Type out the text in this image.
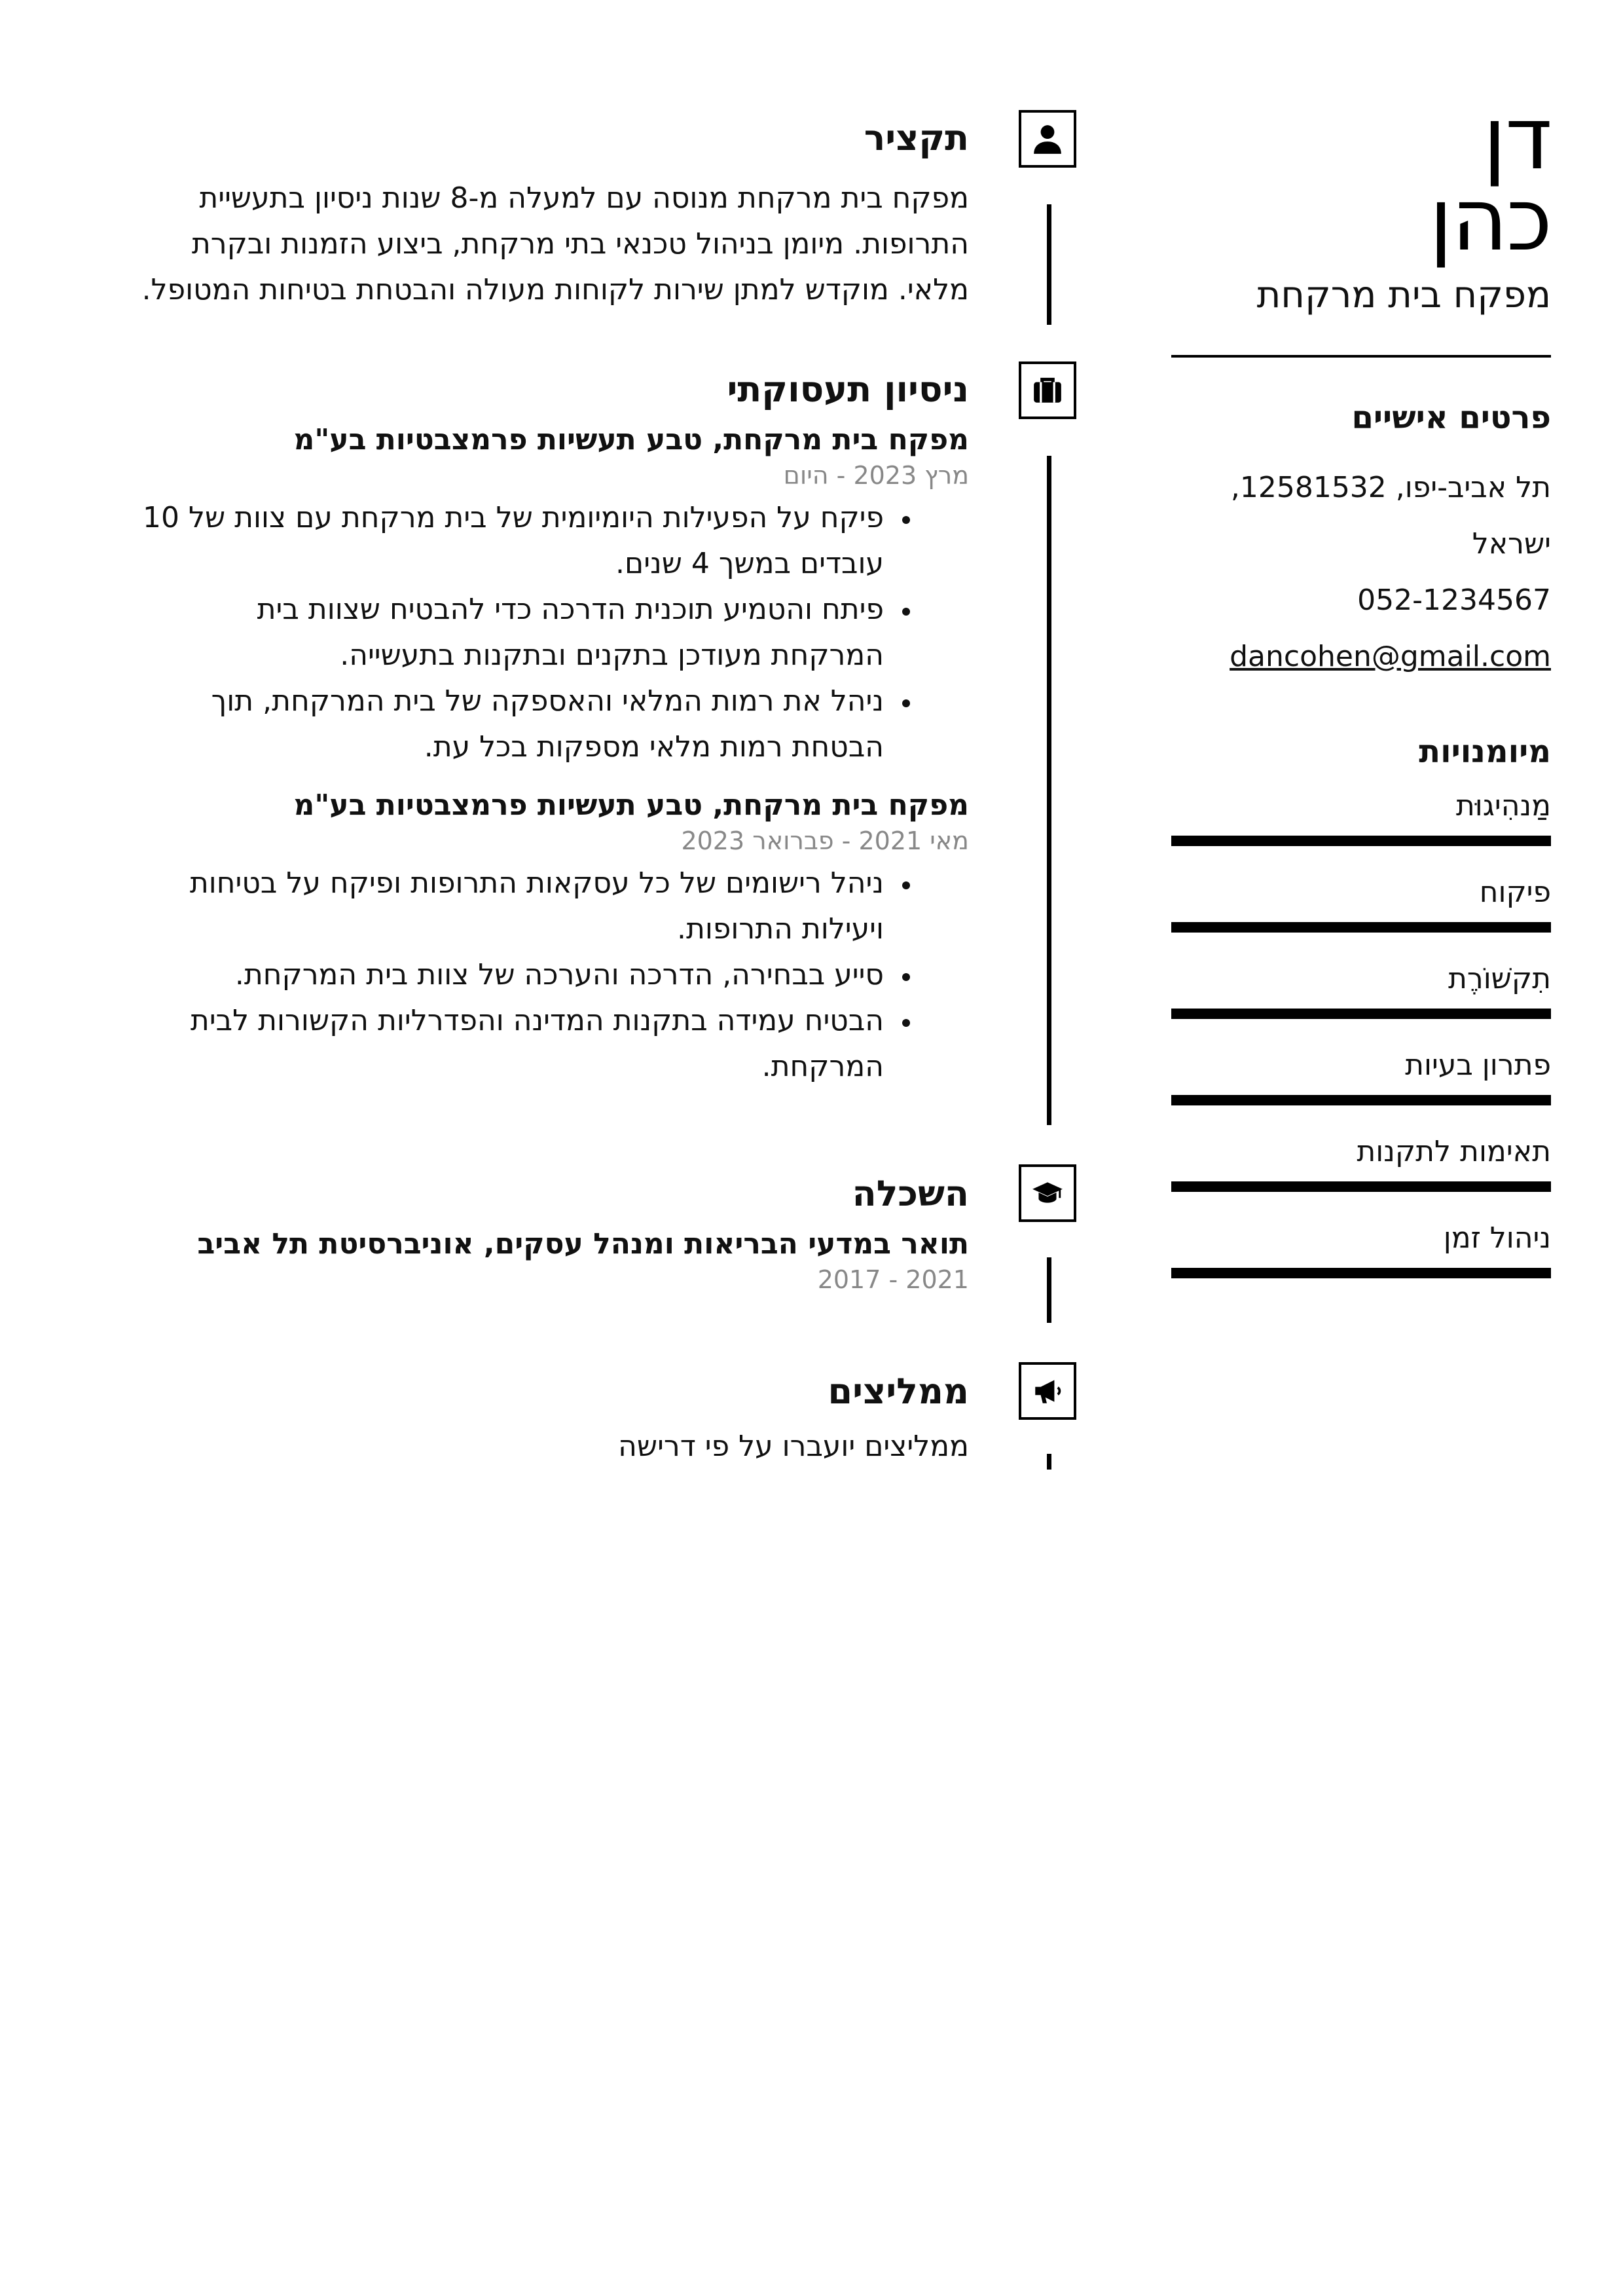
דן
כהן
מפקח בית מרקחת
פרטים אישיים
תל אביב-יפו, 12581532, ישראל
052-1234567
dancohen@gmail.com
מיומנויות
מַנהִיגוּת
פיקוח
תִקשׁוֹרֶת
פתרון בעיות
תאימות לתקנות
ניהול זמן
תקציר
מפקח בית מרקחת מנוסה עם למעלה מ-8 שנות ניסיון בתעשיית התרופות. מיומן בניהול טכנאי בתי מרקחת, ביצוע הזמנות ובקרת מלאי. מוקדש למתן שירות לקוחות מעולה והבטחת בטיחות המטופל.
ניסיון תעסוקתי
מפקח בית מרקחת, טבע תעשיות פרמצבטיות בע"מ
מרץ 2023 - היום
• פיקח על הפעילות היומיומית של בית מרקחת עם צוות של 10 עובדים במשך 4 שנים.
• פיתח והטמיע תוכנית הדרכה כדי להבטיח שצוות בית המרקחת מעודכן בתקנים ובתקנות בתעשייה.
• ניהל את רמות המלאי והאספקה של בית המרקחת, תוך הבטחת רמות מלאי מספקות בכל עת.
מפקח בית מרקחת, טבע תעשיות פרמצבטיות בע"מ
מאי 2021 - פברואר 2023
• ניהל רישומים של כל עסקאות התרופות ופיקח על בטיחות ויעילות התרופות.
• סייע בבחירה, הדרכה והערכה של צוות בית המרקחת.
• הבטיח עמידה בתקנות המדינה והפדרליות הקשורות לבית המרקחת.
השכלה
תואר במדעי הבריאות ומנהל עסקים, אוניברסיטת תל אביב
2021 - 2017
ממליצים
ממליצים יועברו על פי דרישה
